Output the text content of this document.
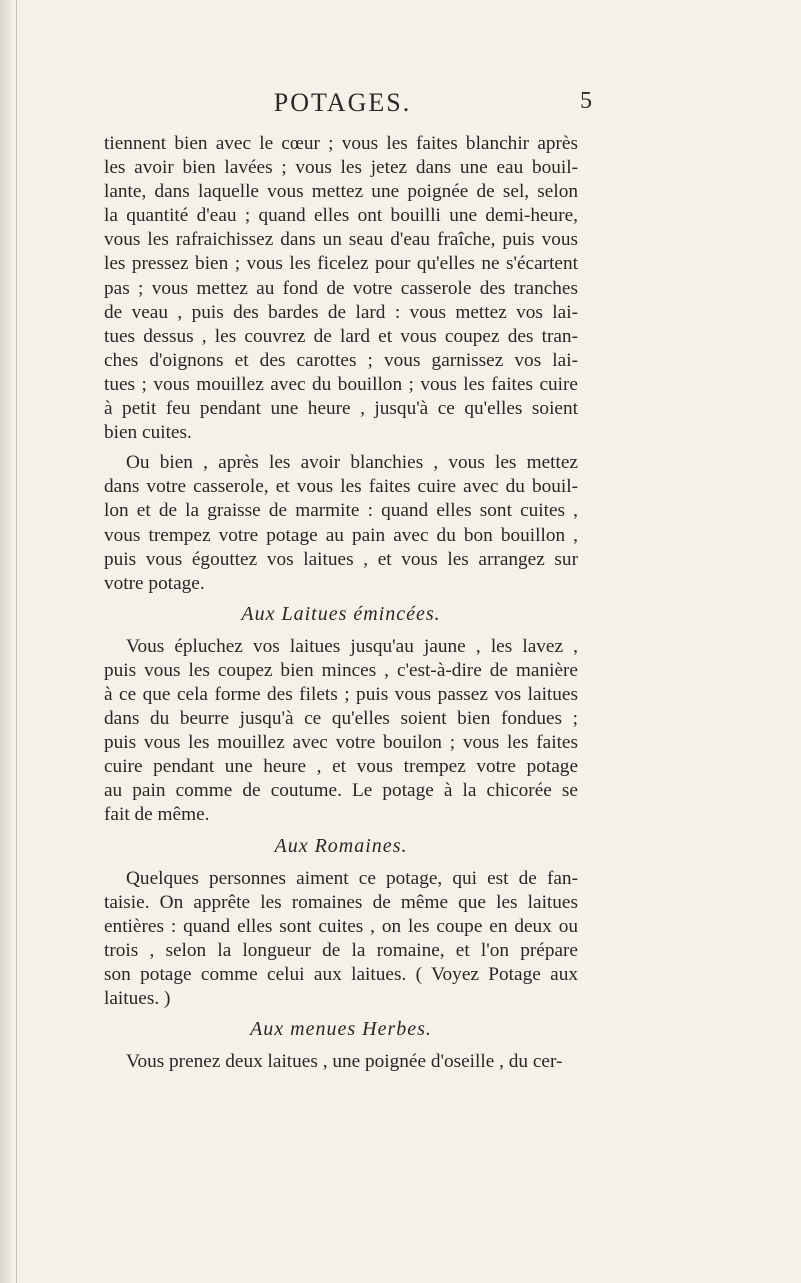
POTAGES.	5
tiennent bien avec le cœur ; vous les faites blanchir après
les avoir bien lavées ; vous les jetez dans une eau bouil-
lante, dans laquelle vous mettez une poignée de sel, selon
la quantité d'eau ; quand elles ont bouilli une demi-heure,
vous les rafraichissez dans un seau d'eau fraîche, puis vous
les pressez bien ; vous les ficelez pour qu'elles ne s'écartent
pas ; vous mettez au fond de votre casserole des tranches
de veau , puis des bardes de lard : vous mettez vos lai-
tues dessus , les couvrez de lard et vous coupez des tran-
ches d'oignons et des carottes ; vous garnissez vos lai-
tues ; vous mouillez avec du bouillon ; vous les faites cuire
à petit feu pendant une heure , jusqu'à ce qu'elles soient
bien cuites.
Ou bien , après les avoir blanchies , vous les mettez
dans votre casserole, et vous les faites cuire avec du bouil-
lon et de la graisse de marmite : quand elles sont cuites ,
vous trempez votre potage au pain avec du bon bouillon ,
puis vous égouttez vos laitues , et vous les arrangez sur
votre potage.
Aux Laitues émincées.
Vous épluchez vos laitues jusqu'au jaune , les lavez ,
puis vous les coupez bien minces , c'est-à-dire de manière
à ce que cela forme des filets ; puis vous passez vos laitues
dans du beurre jusqu'à ce qu'elles soient bien fondues ;
puis vous les mouillez avec votre bouilon ; vous les faites
cuire pendant une heure , et vous trempez votre potage
au pain comme de coutume. Le potage à la chicorée se
fait de même.
Aux Romaines.
Quelques personnes aiment ce potage, qui est de fan-
taisie. On apprête les romaines de même que les laitues
entières : quand elles sont cuites , on les coupe en deux ou
trois , selon la longueur de la romaine, et l'on prépare
son potage comme celui aux laitues. ( Voyez Potage aux
laitues. )
Aux menues Herbes.
Vous prenez deux laitues , une poignée d'oseille , du cer-
